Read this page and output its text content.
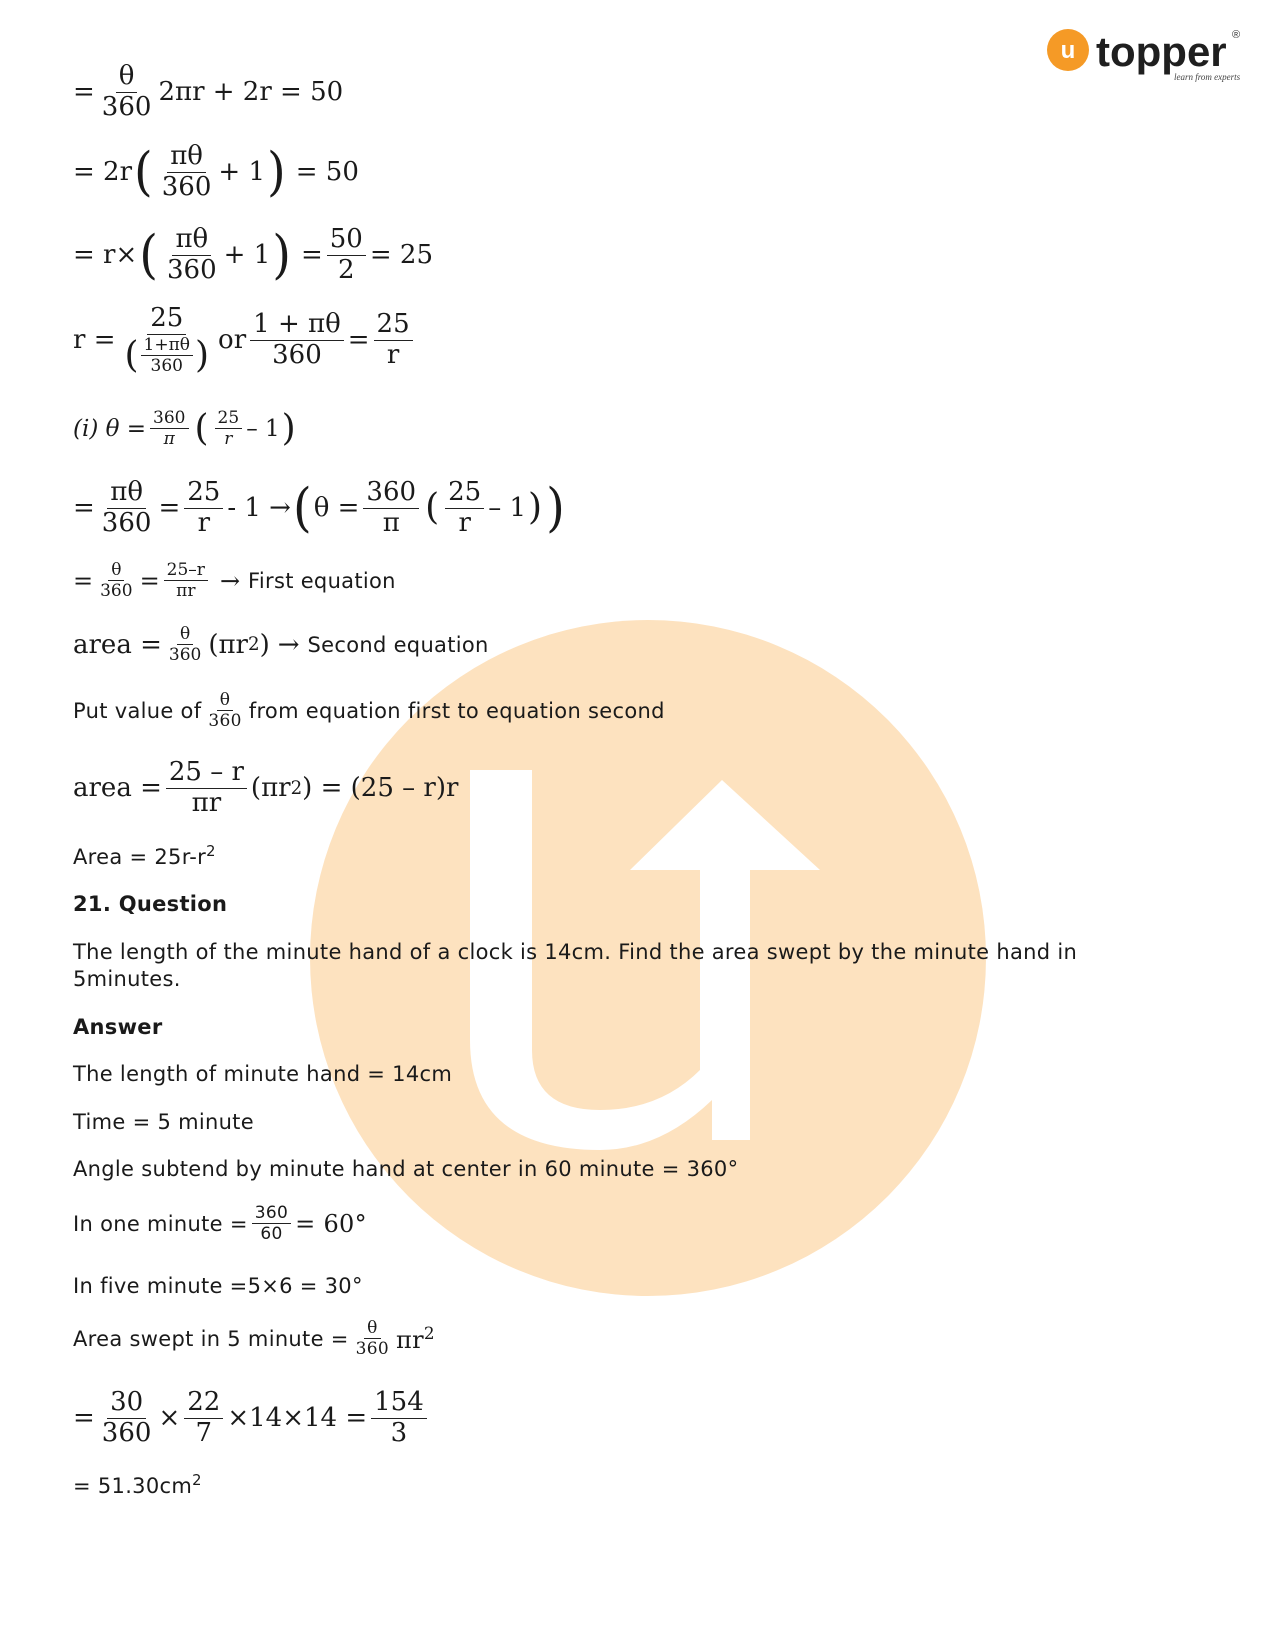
u topper ®
learn from experts
= $\frac{\theta}{360} 2\pi r + 2r = 50$
= 2r ( $\frac{\pi\theta}{360} + 1$ ) = 50
= r× ( $\frac{\pi\theta}{360} + 1$ ) = $\frac{50}{2} = 25$
$r = \frac{25}{( \frac{1+\pi\theta}{360} )}$ or $\frac{1 + \pi\theta}{360} = \frac{25}{r}$
(i) $\theta = \frac{360}{\pi}$ ( $\frac{25}{r} - 1$ )
= $\frac{\pi\theta}{360} = \frac{25}{r} - 1$ → ( $\theta = \frac{360}{\pi}$ ( $\frac{25}{r} - 1$ ) )
= $\frac{\theta}{360} = \frac{25-r}{\pi r}$ → First equation
area = $\frac{\theta}{360} (\pi r$ 2 ) → Second equation
Put value of $\frac{\theta}{360}$ from equation first to equation second
area = $\frac{25 - r}{\pi r} (\pi r$ 2 ) = (25 – r)r
Area = $25r-r^2$
21. Question
The length of the minute hand of a clock is 14cm. Find the area swept by the minute hand in
5minutes.
Answer
The length of minute hand = 14cm
Time = 5 minute
Angle subtend by minute hand at center in 60 minute = 360°
In one minute = $\frac{360}{60} = 60^\circ$
In five minute =5×6 = 30°
Area swept in 5 minute = $\frac{\theta}{360} \pi r^2$
= $\frac{30}{360} \times \frac{22}{7} \times 14\times 14 = \frac{154}{3}$
= $51.30cm^2$
